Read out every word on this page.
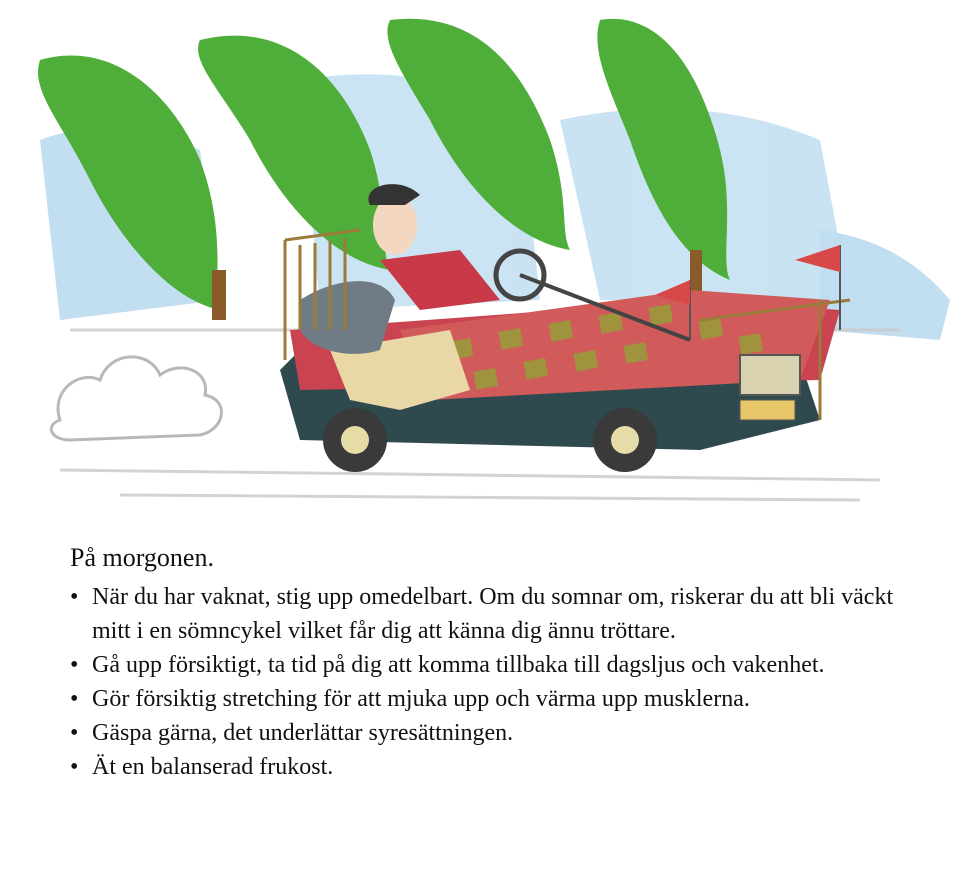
På morgonen.

• När du har vaknat, stig upp omedelbart. Om du somnar om, riskerar du att bli väckt mitt i en sömncykel vilket får dig att känna dig ännu tröttare.
• Gå upp försiktigt, ta tid på dig att komma tillbaka till dagsljus och vakenhet.
• Gör försiktig stretching för att mjuka upp och värma upp musklerna.
• Gäspa gärna, det underlättar syresättningen.
• Ät en balanserad frukost.
